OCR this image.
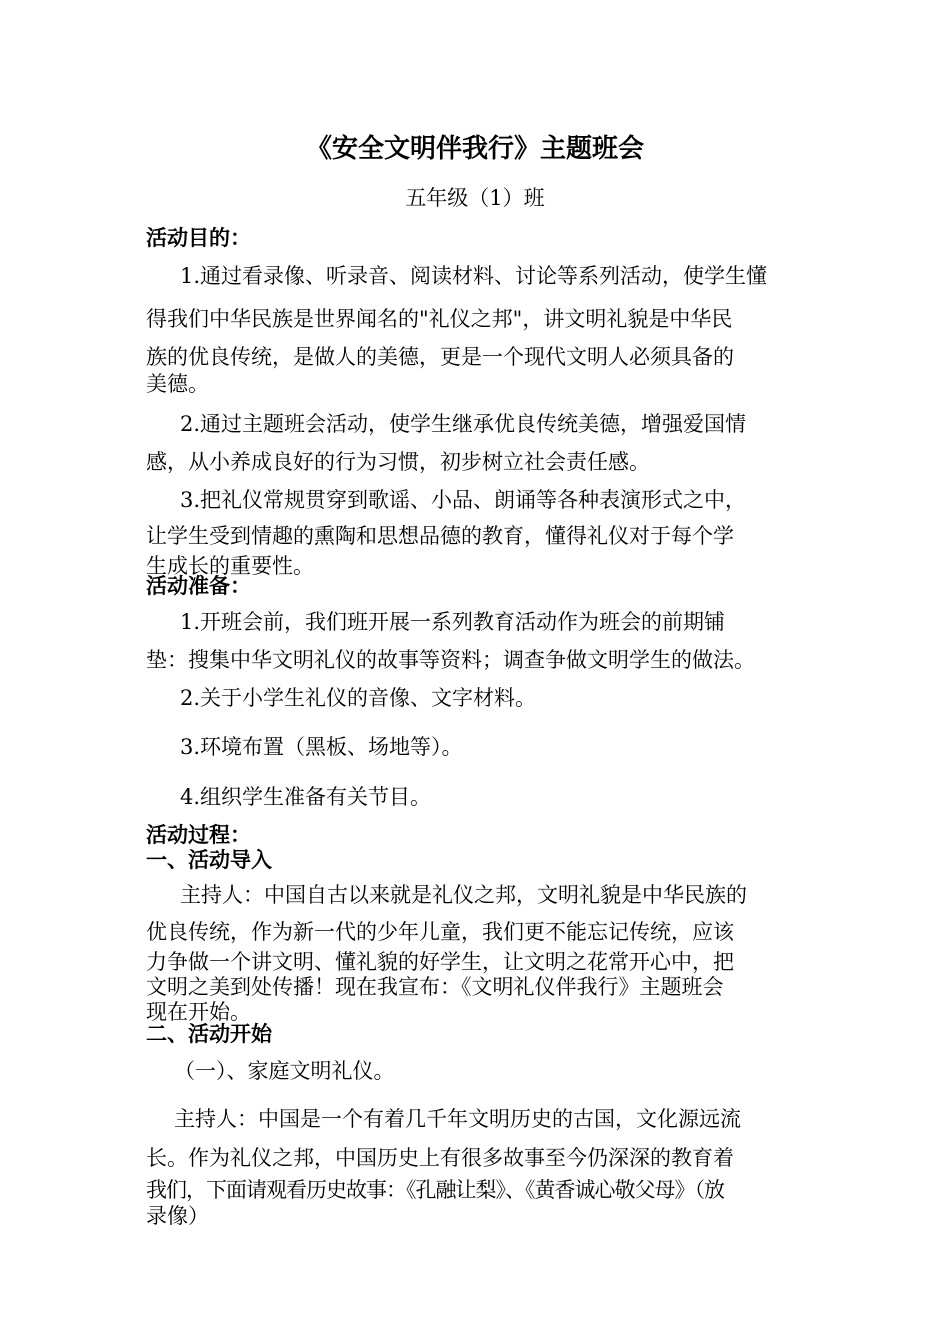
《安全文明伴我行》主题班会
五年级（1）班
活动目的：
1.通过看录像、听录音、阅读材料、讨论等系列活动，使学生懂
得我们中华民族是世界闻名的"礼仪之邦"，讲文明礼貌是中华民
族的优良传统，是做人的美德，更是一个现代文明人必须具备的
美德。
2.通过主题班会活动，使学生继承优良传统美德，增强爱国情
感，从小养成良好的行为习惯，初步树立社会责任感。
3.把礼仪常规贯穿到歌谣、小品、朗诵等各种表演形式之中，
让学生受到情趣的熏陶和思想品德的教育，懂得礼仪对于每个学
生成长的重要性。
活动准备：
1.开班会前，我们班开展一系列教育活动作为班会的前期铺
垫：搜集中华文明礼仪的故事等资料；调查争做文明学生的做法。
2.关于小学生礼仪的音像、文字材料。
3.环境布置（黑板、场地等）。
4.组织学生准备有关节目。
活动过程：
一、活动导入
主持人：中国自古以来就是礼仪之邦，文明礼貌是中华民族的
优良传统，作为新一代的少年儿童，我们更不能忘记传统，应该
力争做一个讲文明、懂礼貌的好学生，让文明之花常开心中，把
文明之美到处传播！现在我宣布：《文明礼仪伴我行》主题班会
现在开始。
二、活动开始
（一）、家庭文明礼仪。
主持人：中国是一个有着几千年文明历史的古国，文化源远流
长。作为礼仪之邦，中国历史上有很多故事至今仍深深的教育着
我们，下面请观看历史故事：《孔融让梨》、《黄香诚心敬父母》（放
录像）
